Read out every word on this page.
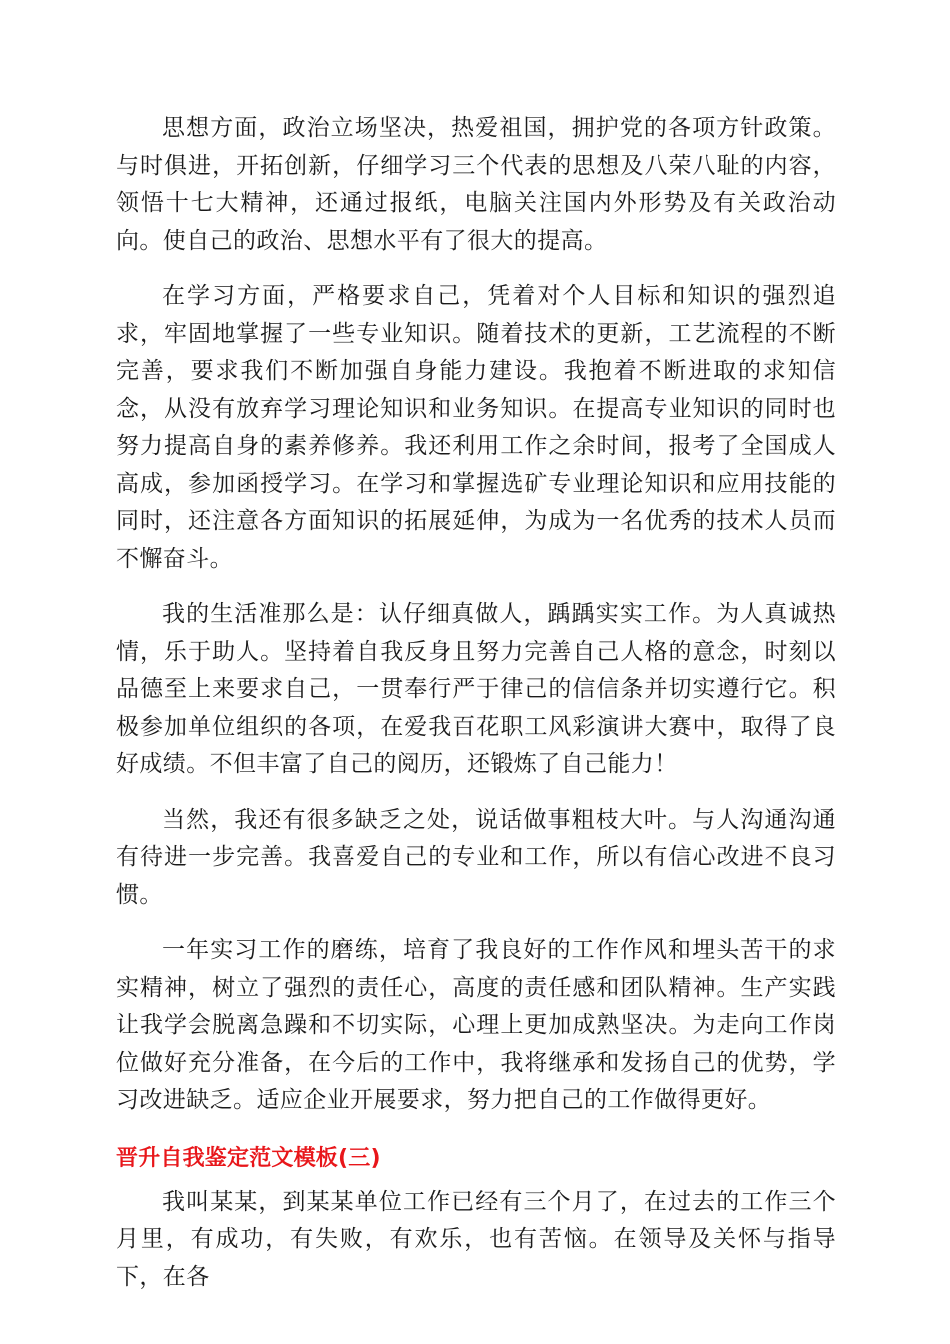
思想方面，政治立场坚决，热爱祖国，拥护党的各项方针政策。与时俱进，开拓创新，仔细学习三个代表的思想及八荣八耻的内容，领悟十七大精神，还通过报纸，电脑关注国内外形势及有关政治动向。使自己的政治、思想水平有了很大的提高。

在学习方面，严格要求自己，凭着对个人目标和知识的强烈追求，牢固地掌握了一些专业知识。随着技术的更新，工艺流程的不断完善，要求我们不断加强自身能力建设。我抱着不断进取的求知信念，从没有放弃学习理论知识和业务知识。在提高专业知识的同时也努力提高自身的素养修养。我还利用工作之余时间，报考了全国成人高成，参加函授学习。在学习和掌握选矿专业理论知识和应用技能的同时，还注意各方面知识的拓展延伸，为成为一名优秀的技术人员而不懈奋斗。

我的生活准那么是：认仔细真做人，踽踽实实工作。为人真诚热情，乐于助人。坚持着自我反身且努力完善自己人格的意念，时刻以品德至上来要求自己，一贯奉行严于律己的信信条并切实遵行它。积极参加单位组织的各项，在爱我百花职工风彩演讲大赛中，取得了良好成绩。不但丰富了自己的阅历，还锻炼了自己能力！

当然，我还有很多缺乏之处，说话做事粗枝大叶。与人沟通沟通有待进一步完善。我喜爱自己的专业和工作，所以有信心改进不良习惯。

一年实习工作的磨练，培育了我良好的工作作风和埋头苦干的求实精神，树立了强烈的责任心，高度的责任感和团队精神。生产实践让我学会脱离急躁和不切实际，心理上更加成熟坚决。为走向工作岗位做好充分准备，在今后的工作中，我将继承和发扬自己的优势，学习改进缺乏。适应企业开展要求，努力把自己的工作做得更好。

晋升自我鉴定范文模板(三)

我叫某某，到某某单位工作已经有三个月了，在过去的工作三个月里，有成功，有失败，有欢乐，也有苦恼。在领导及关怀与指导下，在各
